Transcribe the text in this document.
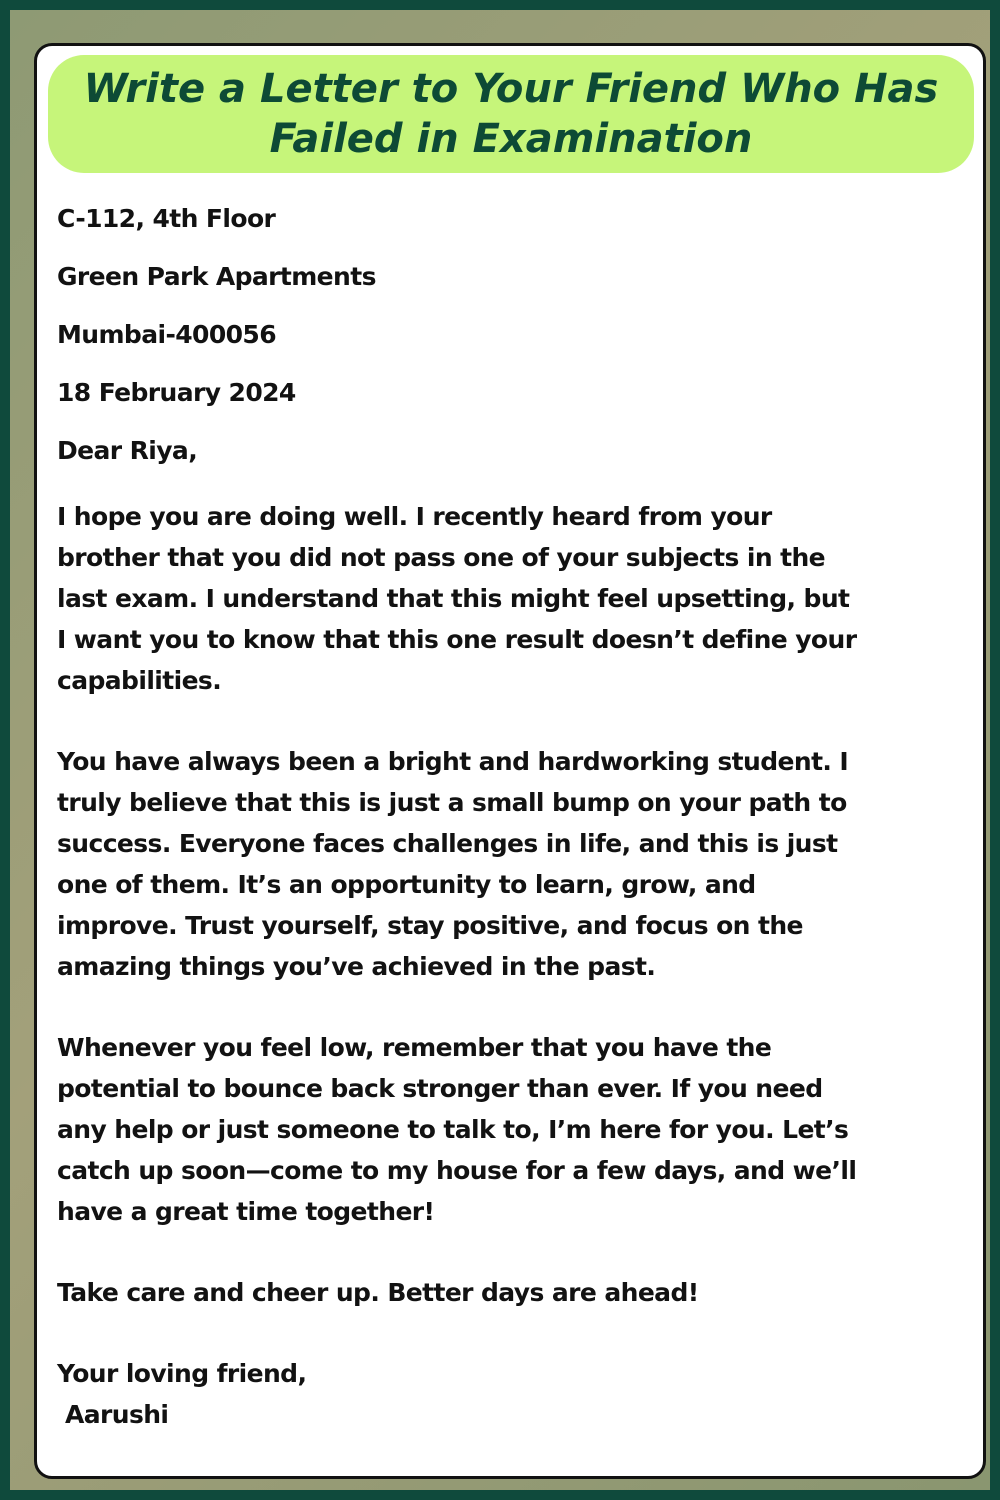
Write a Letter to Your Friend Who Has Failed in Examination
C-112, 4th Floor
Green Park Apartments
Mumbai-400056
18 February 2024
Dear Riya,
I hope you are doing well. I recently heard from your
brother that you did not pass one of your subjects in the
last exam. I understand that this might feel upsetting, but
I want you to know that this one result doesn’t define your
capabilities.
You have always been a bright and hardworking student. I
truly believe that this is just a small bump on your path to
success. Everyone faces challenges in life, and this is just
one of them. It’s an opportunity to learn, grow, and
improve. Trust yourself, stay positive, and focus on the
amazing things you’ve achieved in the past.
Whenever you feel low, remember that you have the
potential to bounce back stronger than ever. If you need
any help or just someone to talk to, I’m here for you. Let’s
catch up soon—come to my house for a few days, and we’ll
have a great time together!
Take care and cheer up. Better days are ahead!
Your loving friend,
Aarushi
